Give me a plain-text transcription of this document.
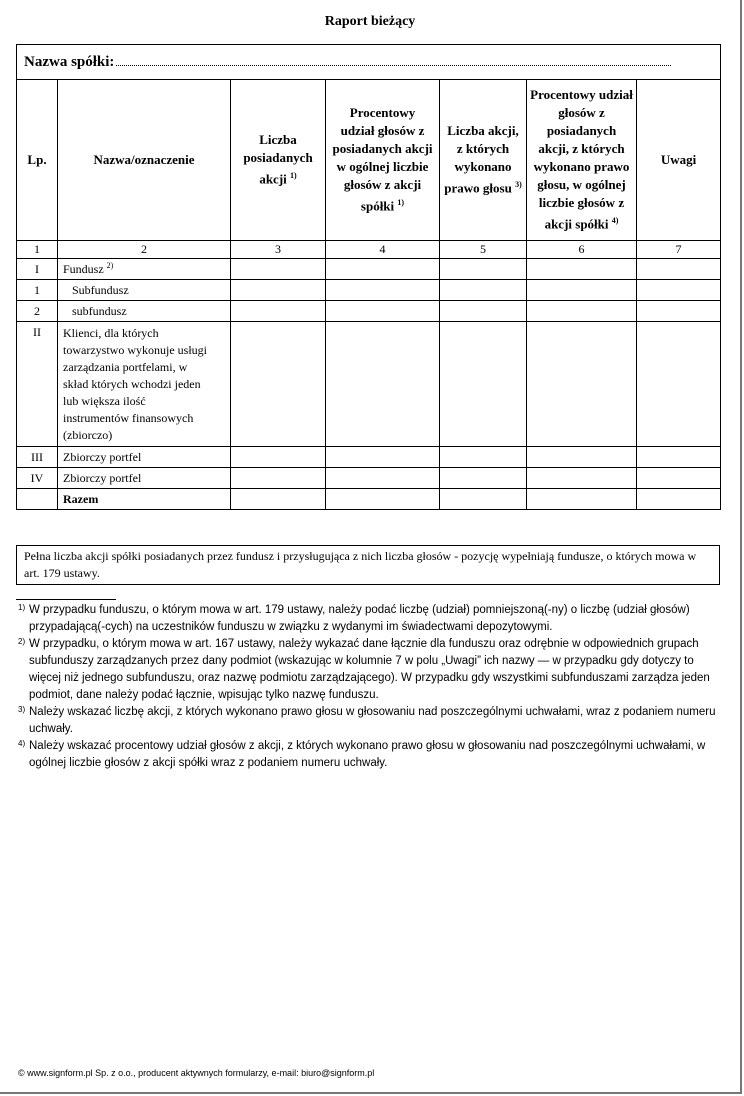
Raport bieżący
Nazwa spółki:						
Lp.	Nazwa/oznaczenie	Liczba posiadanych akcji $^{1)}$	Procentowy udział głosów z posiadanych akcji w ogólnej liczbie głosów z akcji spółki $^{1)}$	Liczba akcji, z których wykonano prawo głosu $^{3)}$	Procentowy udział głosów z posiadanych akcji, z których wykonano prawo głosu, w ogólnej liczbie głosów z akcji spółki $^{4)}$	Uwagi
1	2	3	4	5	6	7
I	Fundusz $^{2)}$					
1	Subfundusz					
2	subfundusz					
II	Klienci, dla których towarzystwo wykonuje usługi zarządzania portfelami, w skład których wchodzi jeden lub większa ilość instrumentów finansowych (zbiorczo)					
III	Zbiorczy portfel					
IV	Zbiorczy portfel					
	Razem					
Pełna liczba akcji spółki posiadanych przez fundusz i przysługująca z nich liczba głosów - pozycję wypełniają fundusze, o których mowa w art. 179 ustawy.
1) W przypadku funduszu, o którym mowa w art. 179 ustawy, należy podać liczbę (udział) pomniejszoną(-ny) o liczbę (udział głosów) przypadającą(-cych) na uczestników funduszu w związku z wydanymi im świadectwami depozytowymi.
2) W przypadku, o którym mowa w art. 167 ustawy, należy wykazać dane łącznie dla funduszu oraz odrębnie w odpowiednich grupach subfunduszy zarządzanych przez dany podmiot (wskazując w kolumnie 7 w polu „Uwagi” ich nazwy — w przypadku gdy dotyczy to więcej niż jednego subfunduszu, oraz nazwę podmiotu zarządzającego). W przypadku gdy wszystkimi subfunduszami zarządza jeden podmiot, dane należy podać łącznie, wpisując tylko nazwę funduszu.
3) Należy wskazać liczbę akcji, z których wykonano prawo głosu w głosowaniu nad poszczególnymi uchwałami, wraz z podaniem numeru uchwały.
4) Należy wskazać procentowy udział głosów z akcji, z których wykonano prawo głosu w głosowaniu nad poszczególnymi uchwałami, w ogólnej liczbie głosów z akcji spółki wraz z podaniem numeru uchwały.
© www.signform.pl Sp. z o.o., producent aktywnych formularzy, e-mail: biuro@signform.pl
